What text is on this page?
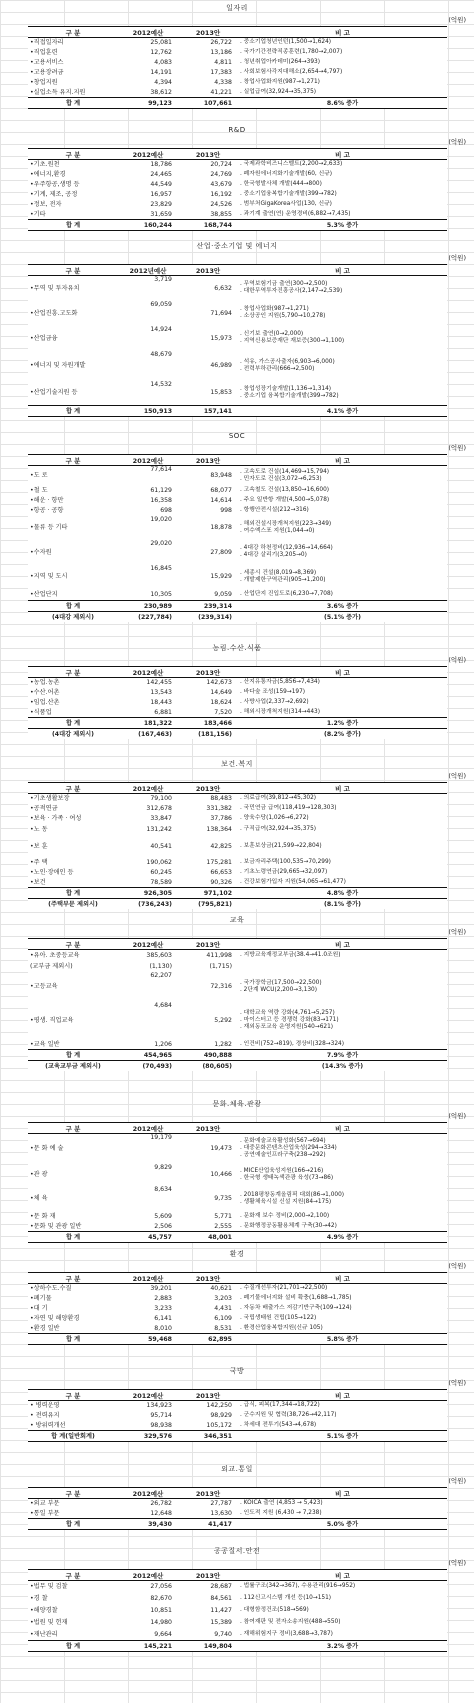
일자리
(억원)
구 분	2012예산	2013안	비 고
•직접일자리	25,081	26,722	. 중소기업청년인턴(1,500→1,624)

•직업훈련	12,762	13,186	. 국가기간전략직종훈련(1,780→2,007)

•고용서비스	4,083	4,811	. 청년취업아카데미(264→393)

•고용장려금	14,191	17,383	. 사회보험사각지대해소(2,654→4,797)

•창업지원	4,394	4,338	. 창업사업화지원(987→1,271)

•실업소득 유지.지원	38,612	41,221	. 실업급여(32,924→35,375)

합 계	99,123	107,661	8.6% 증가
R&D
(억원)
구 분	2012예산	2013안	비 고
•기초.원천	18,786	20,724	. 국제과학비즈니스벨트(2,200→2,633)

•에너지,환경	24,465	24,769	. 폐자원에너지화기술개발(60, 신규)

•우주항공,생명 등	44,549	43,679	. 한국형발사체 개발(444→800)

•기계, 제조, 공정	16,957	16,192	. 중소기업융복합기술개발(399→782)

•정보, 전자	23,829	24,526	. 범부처GigaKorea사업(130, 신규)

•기타	31,659	38,855	. 과기계 출연(연) 운영경비(6,882→7,435)

합 계	160,244	168,744	5.3% 증가
산업·중소기업 및 에너지
(억원)
구 분	2012년예산	2013안	비 고
•무역 및 투자유치	3,719	6,632	. 무역보험기금 출연(300→2,500)
. 대한무역투자진흥공사(2,147→2,539)

•산업진흥.고도화	69,059	71,694	. 창업사업화(987→1,271)
. 소상공인 지원(5,790→10,278)

•산업금융	14,924	15,973	. 신기보 출연(0→2,000)
. 지역신용보증재단 재보증(300→1,100)

•에너지 및 자원개발	48,679	46,989	. 석유, 가스공사출자(6,903→6,000)
. 전력부하관리(666→2,500)

•산업기술지원 등	14,532	15,853	. 창업성장기술개발(1,136→1,314)
. 중소기업 융복합기술개발(399→782)

합 계	150,913	157,141	4.1% 증가
SOC
(억원)
구 분	2012예산	2013안	비 고
•도 로	77,614	83,948	. 고속도로 건설(14,469→15,794)
. 민자도로 건설(3,072→6,253)

•철 도	61,129	68,077	. 고속철도 건설(13,850→16,600)

•해운 · 항만	16,358	14,614	. 주요 일반항 개발(4,500→5,078)

•항공 · 공항	698	998	. 항행안전시설(212→316)

•물류 등 기타	19,020	18,878	. 해외건설시장개척지원(223→349)
. 여수엑스포 지원(1,044→0)

•수자원	29,020	27,809	. 4대강 하천정비(12,936→14,664)
. 4대강 살리기(3,205→0)

•지역 및 도시	16,845	15,929	. 세종시 건설(8,019→8,369)
. 개발제한구역관리(905→1,200)

•산업단지	10,305	9,059	. 산업단지 진입도로(6,230→7,708)

합 계	230,989	239,314	3.6% 증가
(4대강 제외시)	(227,784)	(239,314)	(5.1% 증가)
농림.수산.식품
(억원)
구 분	2012예산	2013안	비 고
•농업.농촌	142,455	142,673	. 산지유통자금(5,856→7,434)

•수산.어촌	13,543	14,649	. 바다숲 조성(159→197)

•임업.산촌	18,443	18,624	. 사방사업(2,337→2,692)

•식품업	6,881	7,520	. 해외시장개척지원(314→443)

합 계	181,322	183,466	1.2% 증가
(4대강 제외시)	(167,463)	(181,156)	(8.2% 증가)
보건.복지
(억원)
구 분	2012예산	2013안	비 고
•기초생활보장	79,100	88,483	. 의료급여(39,812→45,302)

•공적연금	312,678	331,382	. 국민연금 급여(118,419→128,303)

•보육 · 가족 · 여성	33,847	37,786	. 양육수당(1,026→6,272)

•노 동	131,242	138,364	. 구직급여(32,924→35,375)

•보 훈	40,541	42,825	. 보훈보상금(21,599→22,804)

•주 택	190,062	175,281	. 보금자리주택(100,535→70,299)

•노인·장애인 등	60,245	66,653	. 기초노령연금(29,665→32,097)

•보건	78,589	90,326	. 건강보험가입자 지원(54,065→61,477)

합 계	926,305	971,102	4.8% 증가
(주택부문 제외시)	(736,243)	(795,821)	(8.1% 증가)
교육
(억원)
구 분	2012예산	2013안	비 고
•유아. 초중등교육	385,603	411,998	. 지방교육재정교부금(38.4→41.0조원)

(교부금 제외시)	(1,130)	(1,715)	
•고등교육	62,207	72,316	. 국가장학금(17,500→22,500)
. 2단계 WCU(2,200→3,130)

•평생. 직업교육	4,684	5,292	. 대학교육 역량 강화(4,761→5,257)
. 마이스터고 등 경쟁력 강화(83→171)
. 재외동포교육 운영지원(540→621)

•교육 일반	1,206	1,282	. 인건비(752→819), 경상비(328→324)

합 계	454,965	490,888	7.9% 증가
(교육교부금 제외시)	(70,493)	(80,605)	(14.3% 증가)
문화.체육.관광
(억원)
구 분	2012예산	2013안	비 고
•문 화 예 술	19,179	19,473	. 문화예술교육활성화(567→694)
. 대중문화콘텐츠산업육성(294→334)
. 공연예술인프라구축(238→292)

•관 광	9,829	10,466	. MICE산업육성지원(166→216)
. 한국형 생태녹색관광 육성(73→86)

•체 육	8,634	9,735	. 2018평창동계올림픽 대회(86→1,000)
. 생활체육시설 신설 지원(84→175)

•문 화 재	5,609	5,771	. 문화재 보수 정비(2,000→2,100)

•문화 및 관광 일반	2,506	2,555	. 문화행정공동활용체계 구축(30→42)

합 계	45,757	48,001	4.9% 증가
환경
(억원)
구 분	2012예산	2013안	비 고
•상하수도.수질	39,201	40,621	. 수질개선투자(21,701→22,500)

•폐기물	2,883	3,203	. 폐기물에너지화 설비 확충(1,688→1,785)

•대 기	3,233	4,431	. 자동차 배출가스 저감기반구축(109→124)

•자연 및 해양환경	6,141	6,109	. 국립생태원 건립(105→122)

•환경 일반	8,010	8,531	. 환경산업융복합지원(신규 105)

합 계	59,468	62,895	5.8% 증가
국방
(억원)
구 분	2012예산	2013안	비 고
• 병력운영	134,923	142,250	. 급식, 피복(17,344→18,722)

• 전력유지	95,714	98,929	. 군수지원 및 협력(38,726→42,117)

• 방위력개선	98,938	105,172	. 차세대 전투기(543→4,678)

합 계(일반회계)	329,576	346,351	5.1% 증가
외교.통일
(억원)
구 분	2012예산	2013안	비 고
•외교 부문	26,782	27,787	. KOICA 출연 (4,853 → 5,423)

•통일 부문	12,648	13,630	. 인도적 지원 (6,430 → 7,238)

합 계	39,430	41,417	5.0% 증가
공공질서.안전
(억원)
구 분	2012예산	2013안	비 고
•법무 및 검찰	27,056	28,687	. 법률구조(342→367), 수용관리(916→952)

•경 찰	82,670	84,561	. 112신고시스템 개선 등(10→151)

•해양경찰	10,851	11,427	. 대형함정건조(518→569)

•법원 및 헌재	14,980	15,389	. 참여재판 및 전자소송지원(488→550)

•재난관리	9,664	9,740	. 재해위험지구 정비(3,688→3,787)

합 계	145,221	149,804	3.2% 증가
